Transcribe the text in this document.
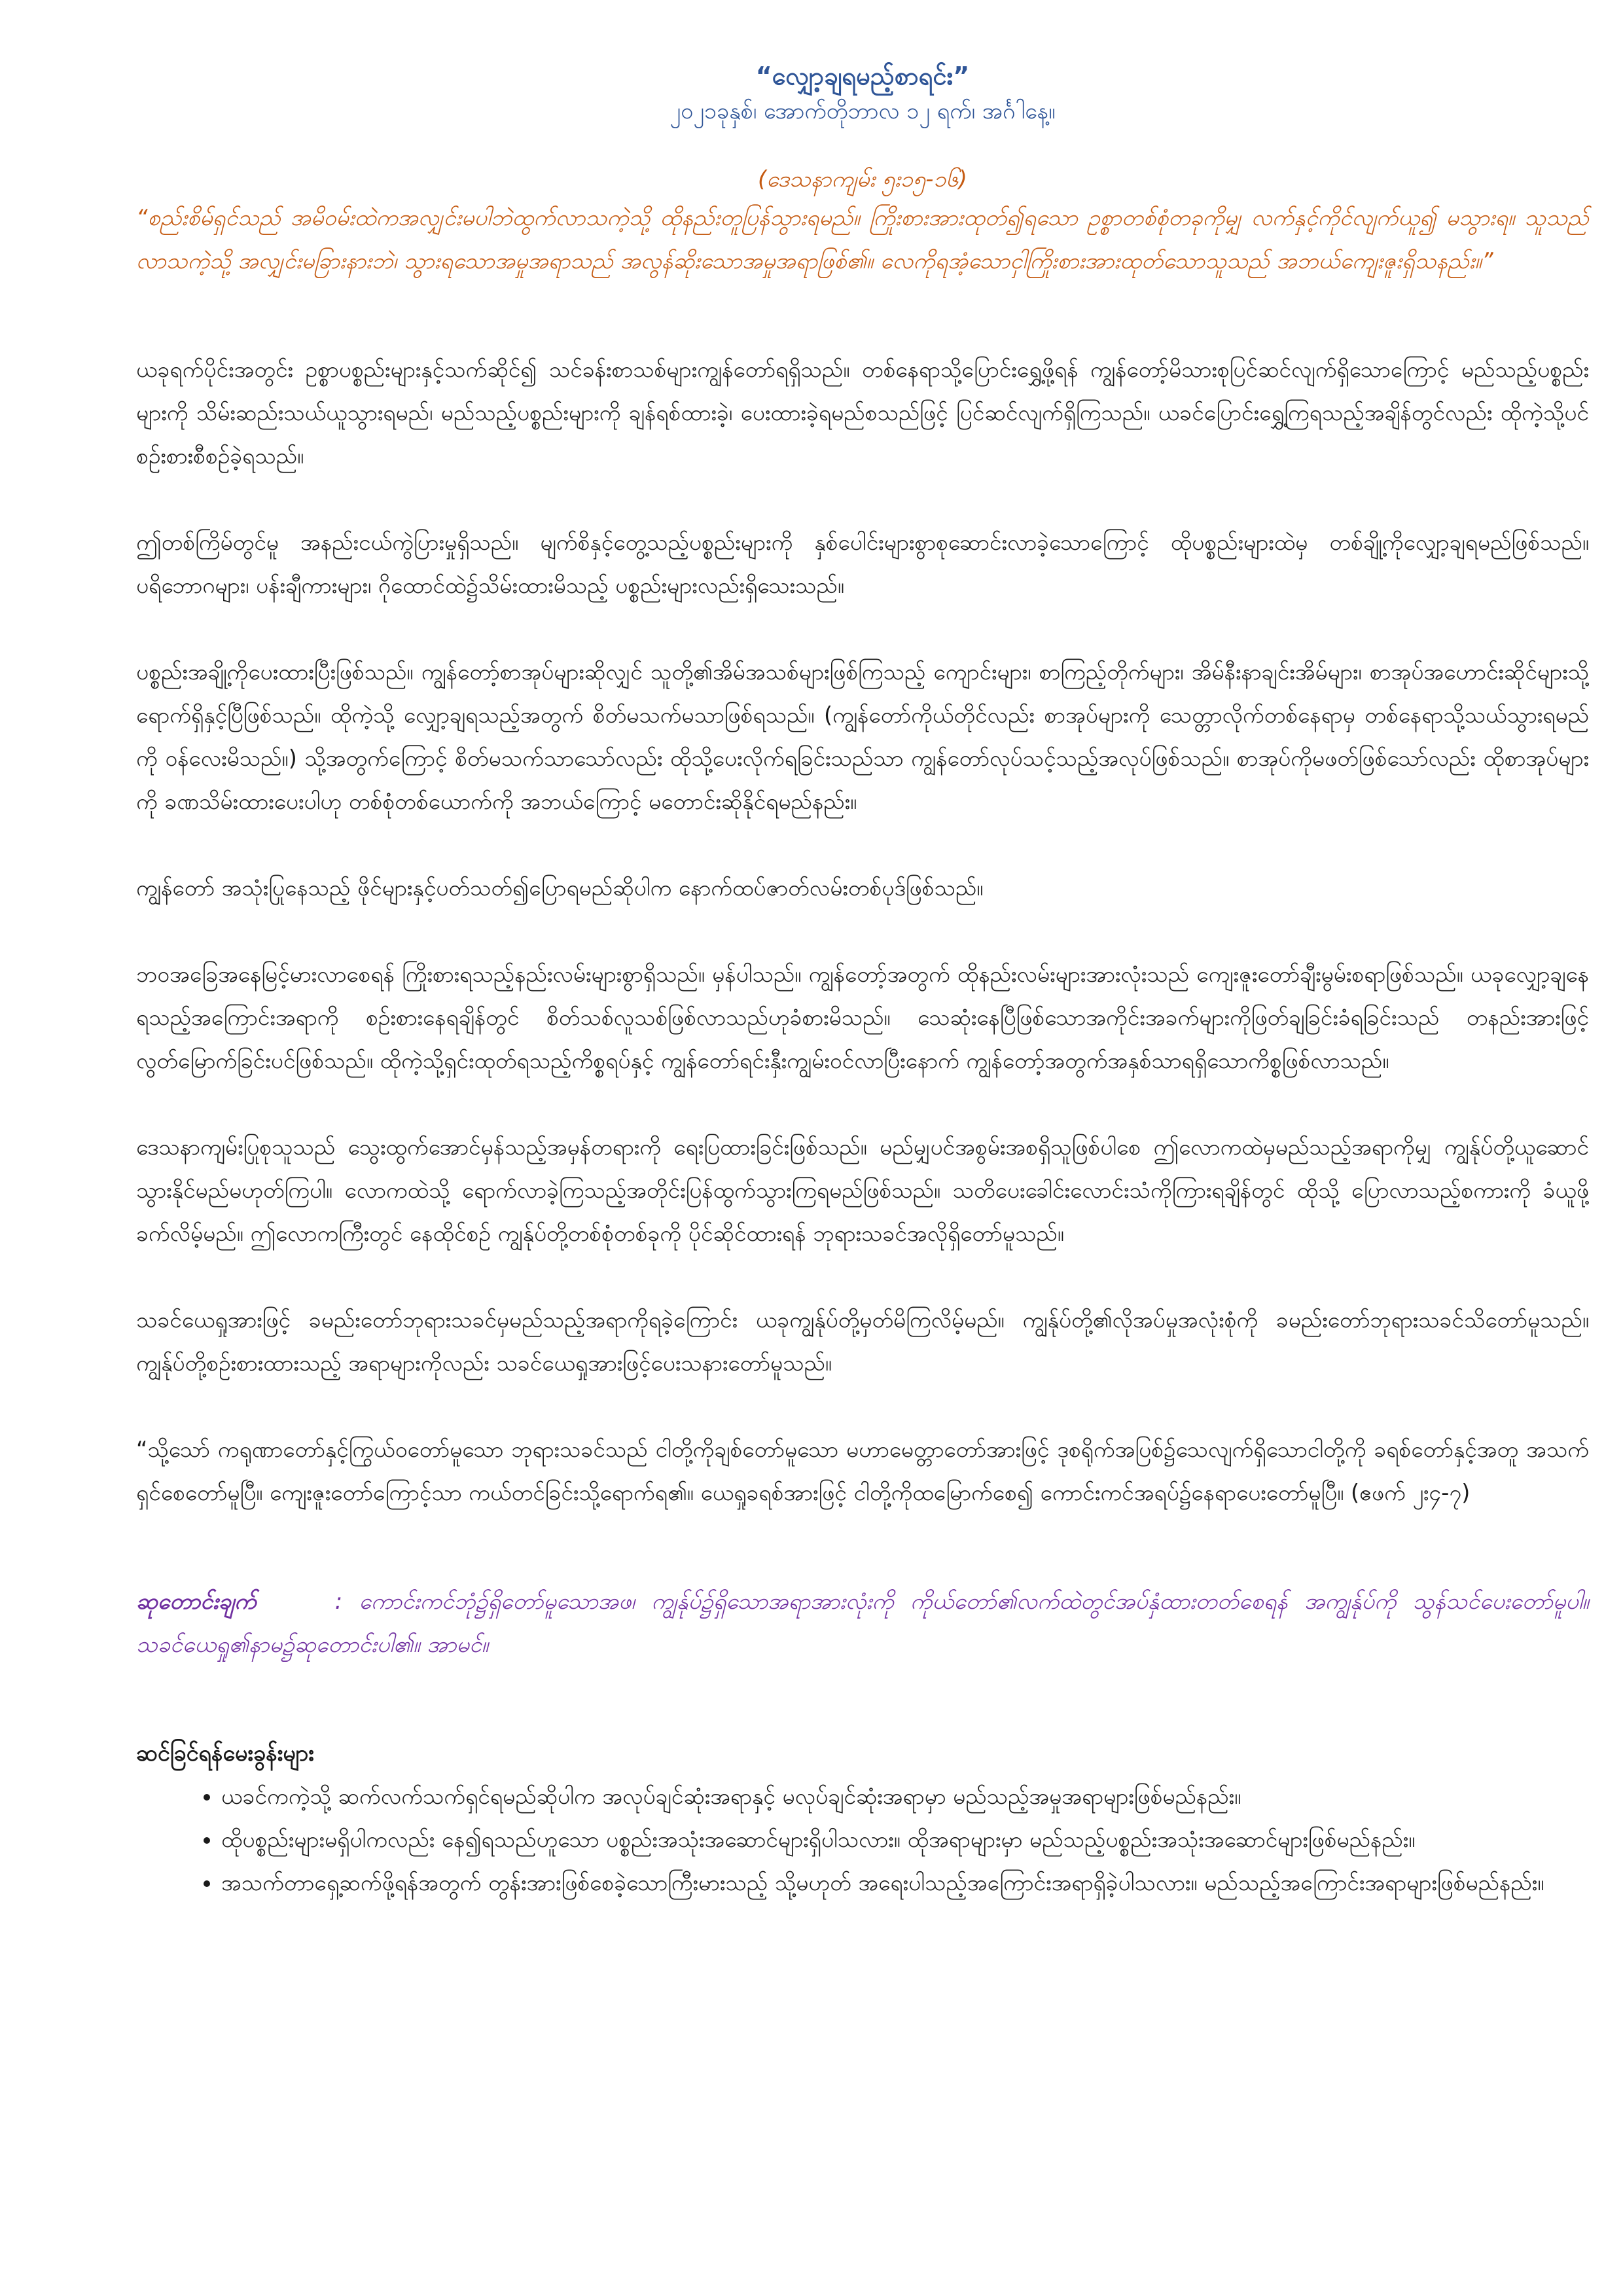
“လျှော့ချရမည့်စာရင်း”
၂၀၂၁ခုနှစ်၊ အောက်တိုဘာလ ၁၂ ရက်၊ အင်္ဂါနေ့။
(ဒေသနာကျမ်း ၅း၁၅-၁၆)

“စည်းစိမ်ရှင်သည် အမိဝမ်းထဲကအလျှင်းမပါဘဲထွက်လာသကဲ့သို့ ထိုနည်းတူပြန်သွားရမည်။ ကြိုးစားအားထုတ်၍ရသော ဥစ္စာတစ်စုံတခုကိုမျှ လက်နှင့်ကိုင်လျက်ယူ၍ မသွားရ။ သူသည်လာသကဲ့သို့ အလျှင်းမခြားနားဘဲ၊ သွားရသောအမှုအရာသည် အလွန်ဆိုးသောအမှုအရာဖြစ်၏။ လေကိုရအံ့သောငှါကြိုးစားအားထုတ်သောသူသည် အဘယ်ကျေးဇူးရှိသနည်း။”

ယခုရက်ပိုင်းအတွင်း ဥစ္စာပစ္စည်းများနှင့်သက်ဆိုင်၍ သင်ခန်းစာသစ်များကျွန်တော်ရရှိသည်။ တစ်နေရာသို့ပြောင်းရွှေ့ဖို့ရန် ကျွန်တော့်မိသားစုပြင်ဆင်လျက်ရှိသောကြောင့် မည်သည့်ပစ္စည်းများကို သိမ်းဆည်းသယ်ယူသွားရမည်၊ မည်သည့်ပစ္စည်းများကို ချန်ရစ်ထားခဲ့၊ ပေးထားခဲ့ရမည်စသည်ဖြင့် ပြင်ဆင်လျက်ရှိကြသည်။ ယခင်ပြောင်းရွှေ့ကြရသည့်အချိန်တွင်လည်း ထိုကဲ့သို့ပင် စဉ်းစားစီစဉ်ခဲ့ရသည်။

ဤတစ်ကြိမ်တွင်မူ အနည်းငယ်ကွဲပြားမှုရှိသည်။ မျက်စိနှင့်တွေ့သည့်ပစ္စည်းများကို နှစ်ပေါင်းများစွာစုဆောင်းလာခဲ့သောကြောင့် ထိုပစ္စည်းများထဲမှ တစ်ချို့ကိုလျှော့ချရမည်ဖြစ်သည်။ ပရိဘောဂများ၊ ပန်းချီကားများ၊ ဂိုထောင်ထဲ၌သိမ်းထားမိသည့် ပစ္စည်းများလည်းရှိသေးသည်။

ပစ္စည်းအချို့ကိုပေးထားပြီးဖြစ်သည်။ ကျွန်တော့်စာအုပ်များဆိုလျှင် သူတို့၏အိမ်အသစ်များဖြစ်ကြသည့် ကျောင်းများ၊ စာကြည့်တိုက်များ၊ အိမ်နီးနာချင်းအိမ်များ၊ စာအုပ်အဟောင်းဆိုင်များသို့ရောက်ရှိနှင့်ပြီဖြစ်သည်။ ထိုကဲ့သို့ လျှော့ချရသည့်အတွက် စိတ်မသက်မသာဖြစ်ရသည်။ (ကျွန်တော်ကိုယ်တိုင်လည်း စာအုပ်များကို သေတ္တာလိုက်တစ်နေရာမှ တစ်နေရာသို့သယ်သွားရမည်ကို ဝန်လေးမိသည်။) သို့အတွက်ကြောင့် စိတ်မသက်သာသော်လည်း ထိုသို့ပေးလိုက်ရခြင်းသည်သာ ကျွန်တော်လုပ်သင့်သည့်အလုပ်ဖြစ်သည်။ စာအုပ်ကိုမဖတ်ဖြစ်သော်လည်း ထိုစာအုပ်များကို ခဏသိမ်းထားပေးပါဟု တစ်စုံတစ်ယောက်ကို အဘယ်ကြောင့် မတောင်းဆိုနိုင်ရမည်နည်း။

ကျွန်တော် အသုံးပြုနေသည့် ဖိုင်များနှင့်ပတ်သတ်၍ပြောရမည်ဆိုပါက နောက်ထပ်ဇာတ်လမ်းတစ်ပုဒ်ဖြစ်သည်။

ဘဝအခြေအနေမြင့်မားလာစေရန် ကြိုးစားရသည့်နည်းလမ်းများစွာရှိသည်။ မှန်ပါသည်။ ကျွန်တော့်အတွက် ထိုနည်းလမ်းများအားလုံးသည် ကျေးဇူးတော်ချီးမွမ်းစရာဖြစ်သည်။ ယခုလျှော့ချနေရသည့်အကြောင်းအရာကို စဉ်းစားနေရချိန်တွင် စိတ်သစ်လူသစ်ဖြစ်လာသည်ဟုခံစားမိသည်။ သေဆုံးနေပြီဖြစ်သောအကိုင်းအခက်များကိုဖြတ်ချခြင်းခံရခြင်းသည် တနည်းအားဖြင့် လွတ်မြောက်ခြင်းပင်ဖြစ်သည်။ ထိုကဲ့သို့ရှင်းထုတ်ရသည့်ကိစ္စရပ်နှင့် ကျွန်တော်ရင်းနှီးကျွမ်းဝင်လာပြီးနောက် ကျွန်တော့်အတွက်အနှစ်သာရရှိသောကိစ္စဖြစ်လာသည်။

ဒေသနာကျမ်းပြုစုသူသည် သွေးထွက်အောင်မှန်သည့်အမှန်တရားကို ရေးပြထားခြင်းဖြစ်သည်။ မည်မျှပင်အစွမ်းအစရှိသူဖြစ်ပါစေ ဤလောကထဲမှမည်သည့်အရာကိုမျှ ကျွန်ုပ်တို့ယူဆောင်သွားနိုင်မည်မဟုတ်ကြပါ။ လောကထဲသို့ ရောက်လာခဲ့ကြသည့်အတိုင်းပြန်ထွက်သွားကြရမည်ဖြစ်သည်။ သတိပေးခေါင်းလောင်းသံကိုကြားရချိန်တွင် ထိုသို့ ပြောလာသည့်စကားကို ခံယူဖို့ခက်လိမ့်မည်။ ဤလောကကြီးတွင် နေထိုင်စဉ် ကျွန်ုပ်တို့တစ်စုံတစ်ခုကို ပိုင်ဆိုင်ထားရန် ဘုရားသခင်အလိုရှိတော်မူသည်။

သခင်ယေရှုအားဖြင့် ခမည်းတော်ဘုရားသခင်မှမည်သည့်အရာကိုရခဲ့ကြောင်း ယခုကျွန်ုပ်တို့မှတ်မိကြလိမ့်မည်။ ကျွန်ုပ်တို့၏လိုအပ်မှုအလုံးစုံကို ခမည်းတော်ဘုရားသခင်သိတော်မူသည်။ ကျွန်ုပ်တို့စဉ်းစားထားသည့် အရာများကိုလည်း သခင်ယေရှုအားဖြင့်ပေးသနားတော်မူသည်။

“သို့သော် ကရုဏာတော်နှင့်ကြွယ်ဝတော်မူသော ဘုရားသခင်သည် ငါတို့ကိုချစ်တော်မူသော မဟာမေတ္တာတော်အားဖြင့် ဒုစရိုက်အပြစ်၌သေလျက်ရှိသောငါတို့ကို ခရစ်တော်နှင့်အတူ အသက်ရှင်စေတော်မူပြီ။ ကျေးဇူးတော်ကြောင့်သာ ကယ်တင်ခြင်းသို့ရောက်ရ၏။ ယေရှုခရစ်အားဖြင့် ငါတို့ကိုထမြောက်စေ၍ ကောင်းကင်အရပ်၌နေရာပေးတော်မူပြီ။ (ဧဖက် ၂း၄-၇)

ဆုတောင်းချက်	: ကောင်းကင်ဘုံ၌ရှိတော်မူသောအဖ၊ ကျွန်ုပ်၌ရှိသောအရာအားလုံးကို ကိုယ်တော်၏လက်ထဲတွင်အပ်နှံထားတတ်စေရန် အကျွန်ုပ်ကို သွန်သင်ပေးတော်မူပါ။ သခင်ယေရှု၏နာမ၌ဆုတောင်းပါ၏။ အာမင်။

ဆင်ခြင်ရန်မေးခွန်းများ
• ယခင်ကကဲ့သို့ ဆက်လက်သက်ရှင်ရမည်ဆိုပါက အလုပ်ချင်ဆုံးအရာနှင့် မလုပ်ချင်ဆုံးအရာမှာ မည်သည့်အမှုအရာများဖြစ်မည်နည်း။
• ထိုပစ္စည်းများမရှိပါကလည်း နေ၍ရသည်ဟူသော ပစ္စည်းအသုံးအဆောင်များရှိပါသလား။ ထိုအရာများမှာ မည်သည့်ပစ္စည်းအသုံးအဆောင်များဖြစ်မည်နည်း။
• အသက်တာရှေ့ဆက်ဖို့ရန်အတွက် တွန်းအားဖြစ်စေခဲ့သောကြီးမားသည့် သို့မဟုတ် အရေးပါသည့်အကြောင်းအရာရှိခဲ့ပါသလား။ မည်သည့်အကြောင်းအရာများဖြစ်မည်နည်း။
